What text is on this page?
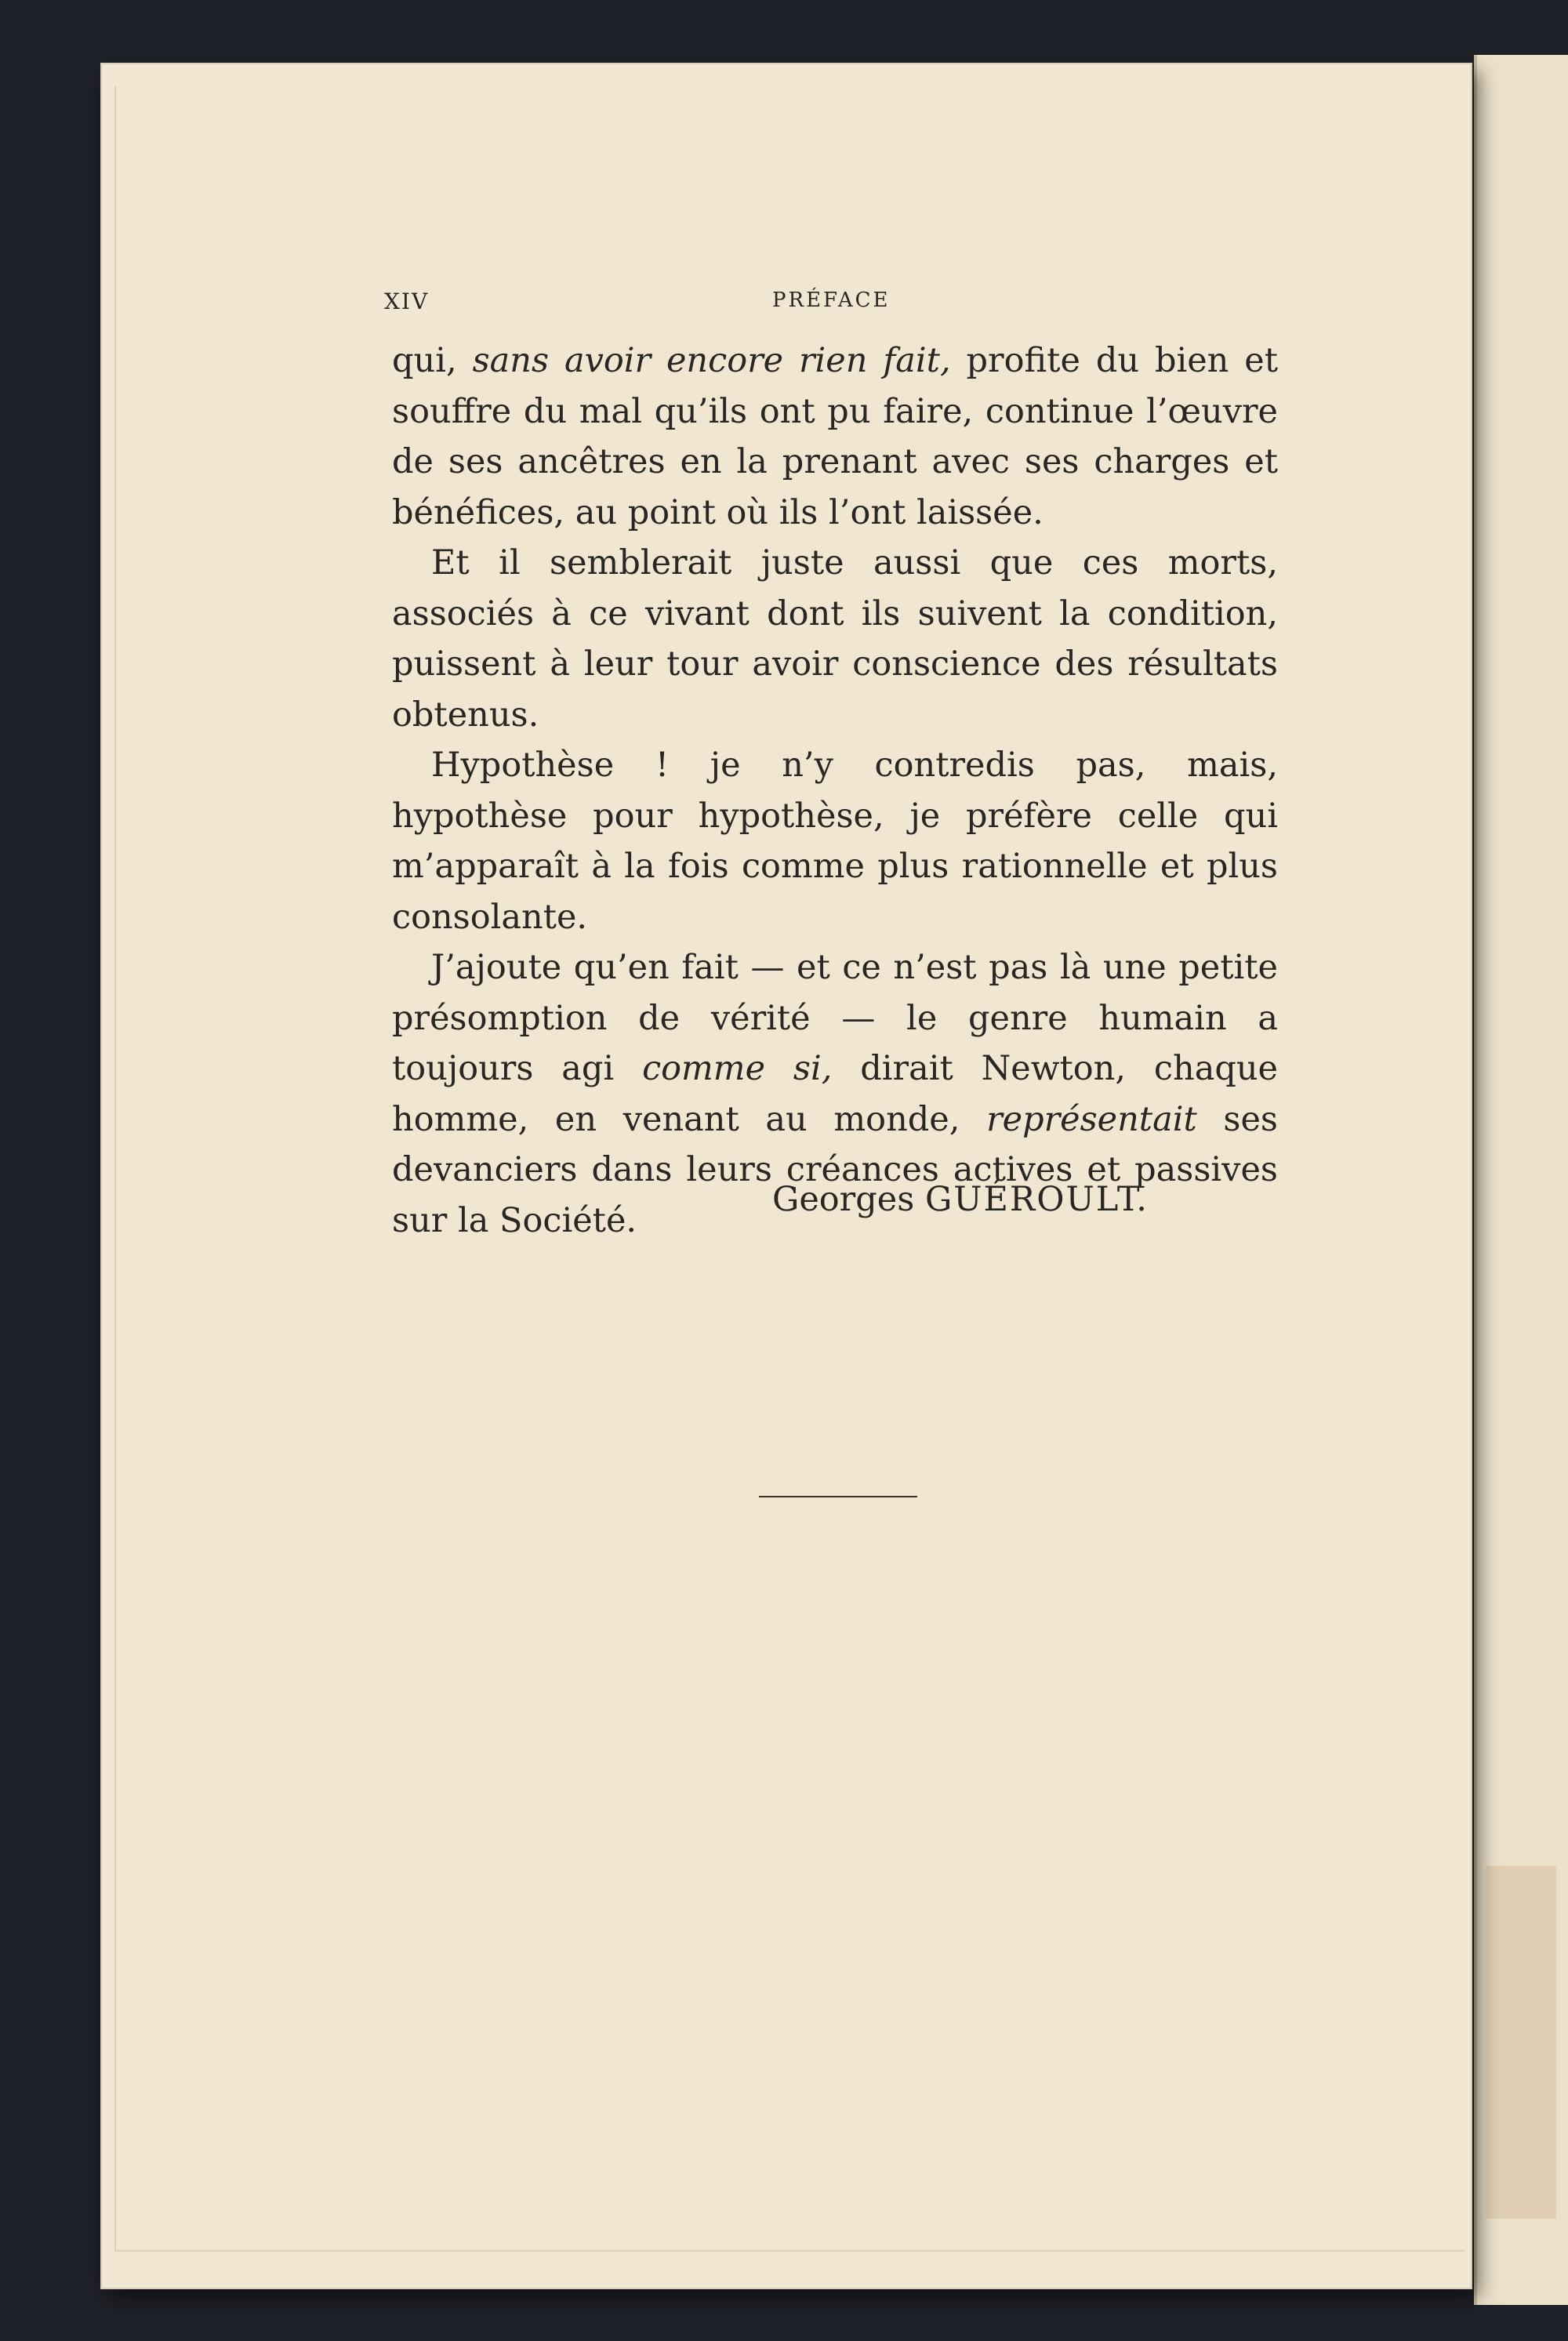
XIV	PRÉFACE

qui, sans avoir encore rien fait, profite du bien et souffre du mal qu’ils ont pu faire, continue l’œuvre de ses ancêtres en la prenant avec ses charges et bénéfices, au point où ils l’ont laissée.

Et il semblerait juste aussi que ces morts, associés à ce vivant dont ils suivent la condition, puissent à leur tour avoir conscience des résultats obtenus.

Hypothèse ! je n’y contredis pas, mais, hypothèse pour hypothèse, je préfère celle qui m’apparaît à la fois comme plus rationnelle et plus consolante.

J’ajoute qu’en fait — et ce n’est pas là une petite présomption de vérité — le genre humain a toujours agi comme si, dirait Newton, chaque homme, en venant au monde, représentait ses devanciers dans leurs créances actives et passives sur la Société.

Georges GUÉROULT.
